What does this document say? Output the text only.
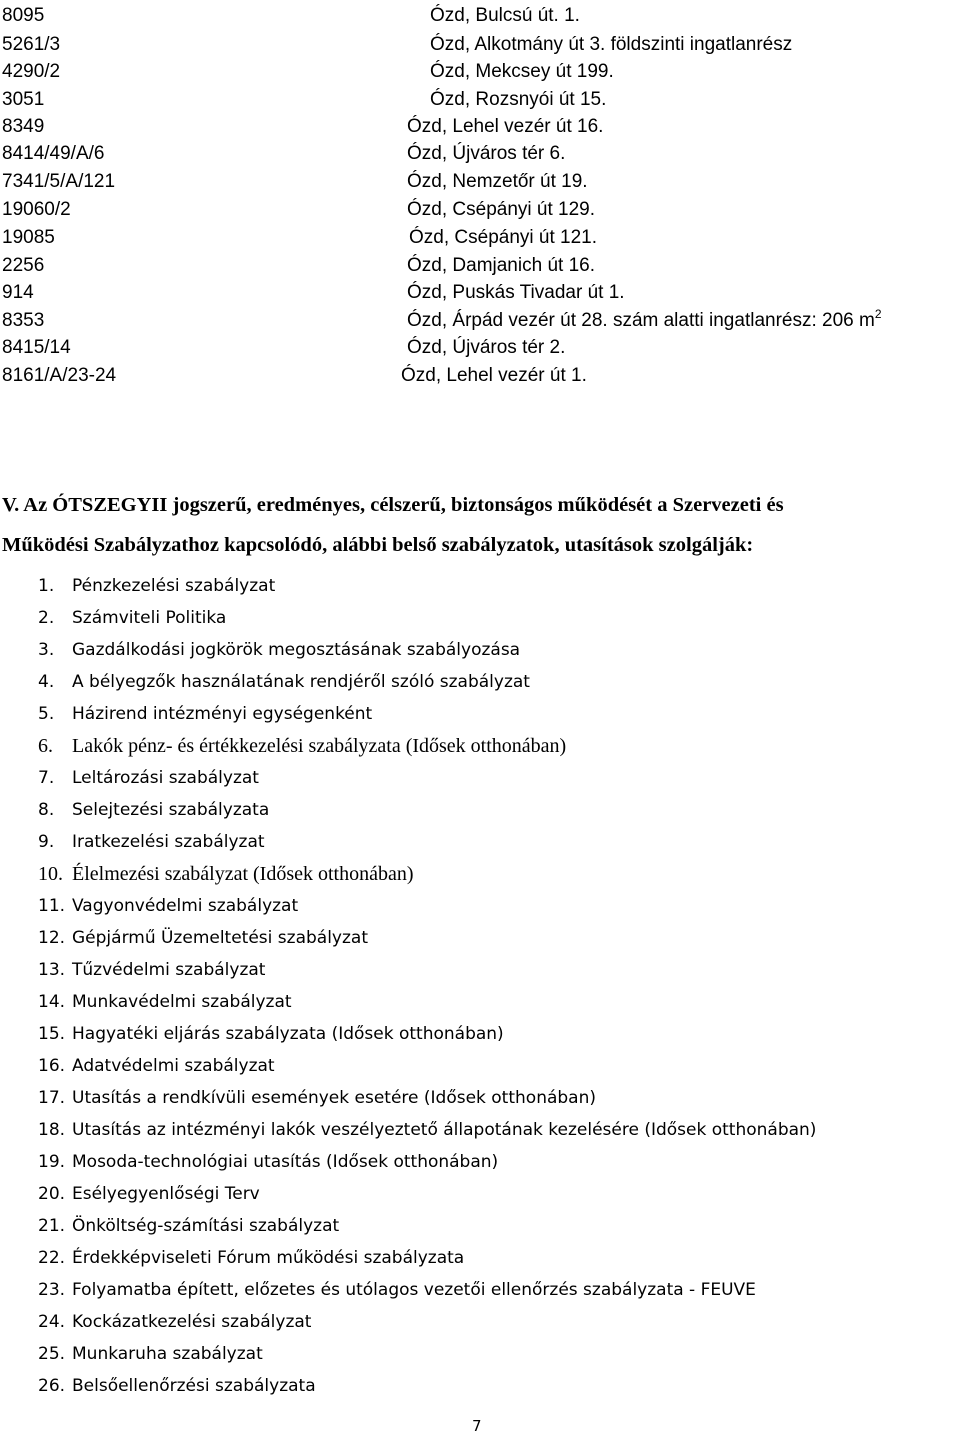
8095	Ózd, Bulcsú út. 1.
5261/3	Ózd, Alkotmány út 3. földszinti ingatlanrész
4290/2	Ózd, Mekcsey út 199.
3051	Ózd, Rozsnyói út 15.
8349	Ózd, Lehel vezér út 16.
8414/49/A/6	Ózd, Újváros tér 6.
7341/5/A/121	Ózd, Nemzetőr út 19.
19060/2	Ózd, Csépányi út 129.
19085	Ózd, Csépányi út 121.
2256	Ózd, Damjanich út 16.
914	Ózd, Puskás Tivadar út 1.
8353	Ózd, Árpád vezér út 28. szám alatti ingatlanrész: 206 $m^2$
8415/14	Ózd, Újváros tér 2.
8161/A/23-24	Ózd, Lehel vezér út 1.
V. Az ÓTSZEGYII jogszerű, eredményes, célszerű, biztonságos működését a Szervezeti és
Működési Szabályzathoz kapcsolódó, alábbi belső szabályzatok, utasítások szolgálják:
1. Pénzkezelési szabályzat
2. Számviteli Politika
3. Gazdálkodási jogkörök megosztásának szabályozása
4. A bélyegzők használatának rendjéről szóló szabályzat
5. Házirend intézményi egységenként
6. Lakók pénz- és értékkezelési szabályzata (Idősek otthonában)
7. Leltározási szabályzat
8. Selejtezési szabályzata
9. Iratkezelési szabályzat
10. Élelmezési szabályzat (Idősek otthonában)
11. Vagyonvédelmi szabályzat
12. Gépjármű Üzemeltetési szabályzat
13. Tűzvédelmi szabályzat
14. Munkavédelmi szabályzat
15. Hagyatéki eljárás szabályzata (Idősek otthonában)
16. Adatvédelmi szabályzat
17. Utasítás a rendkívüli események esetére (Idősek otthonában)
18. Utasítás az intézményi lakók veszélyeztető állapotának kezelésére (Idősek otthonában)
19. Mosoda-technológiai utasítás (Idősek otthonában)
20. Esélyegyenlőségi Terv
21. Önköltség-számítási szabályzat
22. Érdekképviseleti Fórum működési szabályzata
23. Folyamatba épített, előzetes és utólagos vezetői ellenőrzés szabályzata - FEUVE
24. Kockázatkezelési szabályzat
25. Munkaruha szabályzat
26. Belsőellenőrzési szabályzata
7
